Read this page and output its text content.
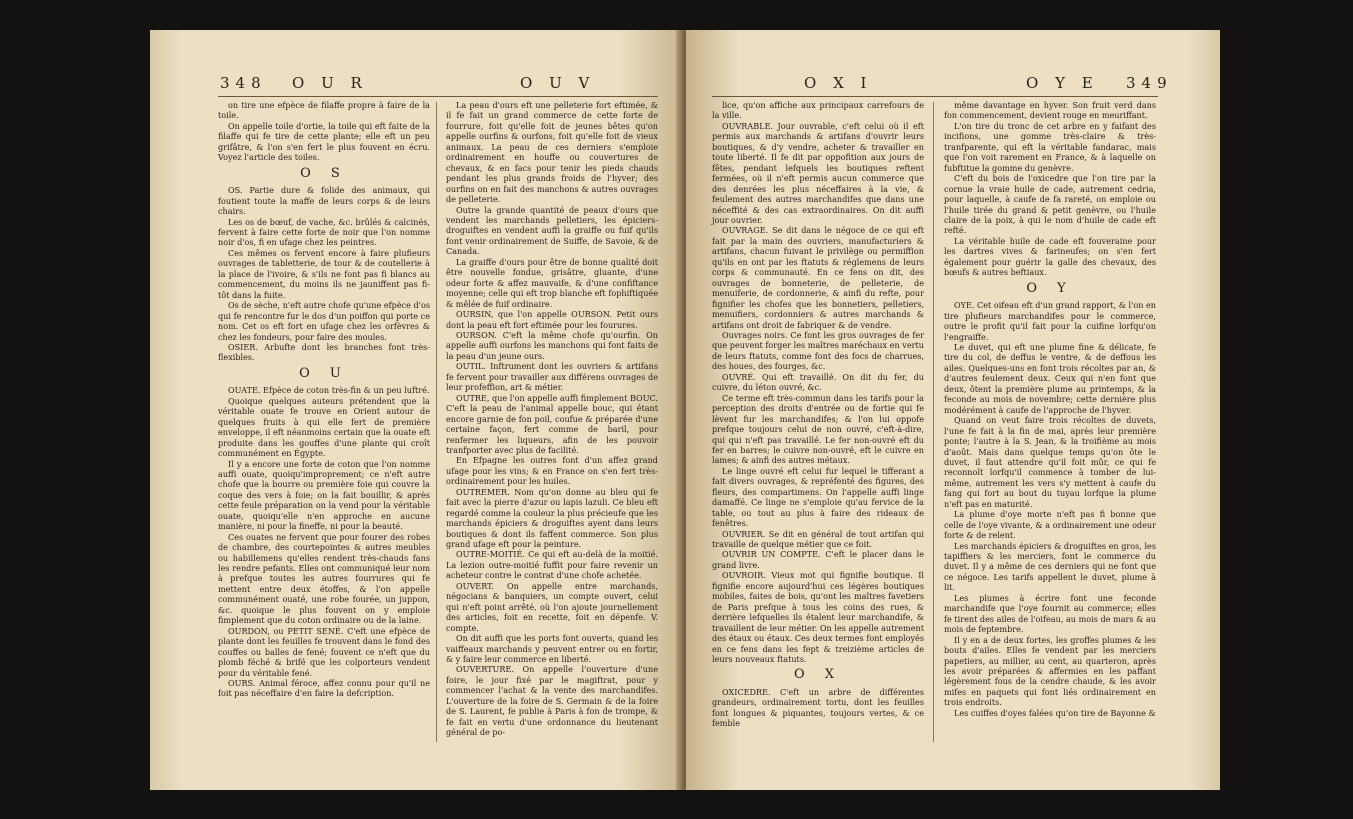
348 O U R	O U V

on tire une efpèce de filaffe propre à faire de la toile.

On appelle toile d'ortie, la toile qui eft faite de la filaffe qui fe tire de cette plante; elle eft un peu grifâtre, & l'on s'en fert le plus fouvent en écru. Voyez l'article des toiles.

O S

OS. Partie dure & folide des animaux, qui foutient toute la maffe de leurs corps & de leurs chairs.

Les os de bœuf, de vache, &c. brûlés & calcinés, fervent à faire cette forte de noir que l'on nomme noir d'os, fi en ufage chez les peintres.

Ces mêmes os fervent encore à faire plufieurs ouvrages de tabletterie, de tour & de coutellerie à la place de l'ivoire, & s'ils ne font pas fi blancs au commencement, du moins ils ne jauniffent pas fi-tôt dans la fuite.

Os de sèche, n'eft autre chofe qu'une efpèce d'os qui fe rencontre fur le dos d'un poiffon qui porte ce nom. Cet os eft fort en ufage chez les orfèvres & chez les fondeurs, pour faire des moules.

OSIER. Arbufte dont les branches font très-flexibles.

O U

OUATE. Efpèce de coton très-fin & un peu luftré.

Quoique quelques auteurs prétendent que la véritable ouate fe trouve en Orient autour de quelques fruits à qui elle fert de première enveloppe, il eft néanmoins certain que la ouate eft produite dans les gouffes d'une plante qui croît communément en Égypte.

Il y a encore une forte de coton que l'on nomme auffi ouate, quoiqu'improprement; ce n'eft autre chofe que la bourre ou première foie qui couvre la coque des vers à foie; on la fait bouillir, & après cette feule préparation on la vend pour la véritable ouate, quoiqu'elle n'en approche en aucune manière, ni pour la fineffe, ni pour la beauté.

Ces ouates ne fervent que pour fourer des robes de chambre, des courtepointes & autres meubles ou habillemens qu'elles rendent très-chauds fans les rendre pefants. Elles ont communiqué leur nom à prefque toutes les autres fourrures qui fe mettent entre deux étoffes, & l'on appelle communément ouaté, une robe fourée, un juppon, &c. quoique le plus fouvent on y emploie fimplement que du coton ordinaire ou de la laine.

OURDON, ou PETIT SENÉ. C'eft une efpèce de plante dont les feuilles fe trouvent dans le fond des couffes ou balles de fené; fouvent ce n'eft que du plomb féché & brifé que les colporteurs vendent pour du véritable fené.

OURS. Animal féroce, affez connu pour qu'il ne foit pas néceffaire d'en faire la defcription.

La peau d'ours eft une pelleterie fort eftimée, & il fe fait un grand commerce de cette forte de fourrure, foit qu'elle foit de jeunes bêtes qu'on appelle ourfins & ourfons, foit qu'elle foit de vieux animaux. La peau de ces derniers s'emploie ordinairement en houffe ou couvertures de chevaux, & en facs pour tenir les pieds chauds pendant les plus grands froids de l'hyver; des ourfins on en fait des manchons & autres ouvrages de pelleterie.

Outre la grande quantité de peaux d'ours que vendent les marchands pelletiers, les épiciers-droguiftes en vendent auffi la graiffe ou fuif qu'ils font venir ordinairement de Suiffe, de Savoie, & de Canada.

La graiffe d'ours pour être de bonne qualité doit être nouvelle fondue, grisâtre, gluante, d'une odeur forte & affez mauvaife, & d'une confiftance moyenne; celle qui eft trop blanche eft fophiftiquée & mêlée de fuif ordinaire.

OURSIN, que l'on appelle OURSON. Petit ours dont la peau eft fort eftimée pour les fourures.

OURSON. C'eft la même chofe qu'ourfin. On appelle auffi ourfons les manchons qui font faits de la peau d'un jeune ours.

OUTIL. Inftrument dont les ouvriers & artifans fe fervent pour travailler aux différens ouvrages de leur profeffion, art & métier.

OUTRE, que l'on appelle auffi fimplement BOUC. C'eft la peau de l'animal appelle bouc, qui étant encore garnie de fon poil, coufue & préparée d'une certaine façon, fert comme de baril, pour renfermer les liqueurs, afin de les pouvoir tranfporter avec plus de facilité.

En Efpagne les outres font d'un affez grand ufage pour les vins; & en France on s'en fert très-ordinairement pour les huiles.

OUTREMER. Nom qu'on donne au bleu qui fe fait avec la pierre d'azur ou lapis lazuli. Ce bleu eft regardé comme la couleur la plus précieufe que les marchands épiciers & droguiftes ayent dans leurs boutiques & dont ils faffent commerce. Son plus grand ufage eft pour la peinture.

OUTRE-MOITIÉ. Ce qui eft au-delà de la moitié. La lezion outre-moitié fuffit pour faire revenir un acheteur contre le contrat d'une chofe achetée.

OUVERT. On appelle entre marchands, négocians & banquiers, un compte ouvert, celui qui n'eft point arrêté, où l'on ajoute journellement des articles, foit en recette, foit en dépenfe. V. compte.

On dit auffi que les ports font ouverts, quand les vaiffeaux marchands y peuvent entrer ou en fortir, & y faire leur commerce en liberté.

OUVERTURE. On appelle l'ouverture d'une foire, le jour fixé par le magiftrat, pour y commencer l'achat & la vente des marchandifes. L'ouverture de la foire de S. Germain & de la foire de S. Laurent, fe publie à Paris à fon de trompe, & fe fait en vertu d'une ordonnance du lieutenant général de po-

O X I	O Y E 349

lice, qu'on affiche aux principaux carrefours de la ville.

OUVRABLE. Jour ouvrable, c'eft celui où il eft permis aux marchands & artifans d'ouvrir leurs boutiques, & d'y vendre, acheter & travailler en toute liberté. Il fe dit par oppofition aux jours de fêtes, pendant lefquels les boutiques reftent fermées, où il n'eft permis aucun commerce que des denrées les plus néceffaires à la vie, & feulement des autres marchandifes que dans une néceffité & des cas extraordinaires. On dit auffi jour ouvrier.

OUVRAGE. Se dit dans le négoce de ce qui eft fait par la main des ouvriers, manufacturiers & artifans, chacun fuivant le privilège ou permiffion qu'ils en ont par les ftatuts & réglemens de leurs corps & communauté. En ce fens on dit, des ouvrages de bonneterie, de pelleterie, de menuiferie, de cordonnerie, & ainfi du refte, pour fignifier les chofes que les bonnetiers, pelletiers, menuifiers, cordonniers & autres marchands & artifans ont droit de fabriquer & de vendre.

Ouvrages noirs. Ce font les gros ouvrages de fer que peuvent forger les maîtres maréchaux en vertu de leurs ftatuts, comme font des focs de charrues, des houes, des fourges, &c.

OUVRÉ. Qui eft travaillé. On dit du fer, du cuivre, du léton ouvré, &c.

Ce terme eft très-commun dans les tarifs pour la perception des droits d'entrée ou de fortie qui fe lèvent fur les marchandifes; & l'on lui oppofe prefque toujours celui de non ouvré, c'eft-à-dire, qui qui n'eft pas travaillé. Le fer non-ouvré eft du fer en barres; le cuivre non-ouvré, eft le cuivre en lames; & ainfi des autres métaux.

Le linge ouvré eft celui fur lequel le tifferant a fait divers ouvrages, & repréfenté des figures, des fleurs, des compartimens. On l'appelle auffi linge damaffé. Ce linge ne s'emploie qu'au fervice de la table, ou tout au plus à faire des rideaux de fenêtres.

OUVRIER. Se dit en général de tout artifan qui travaille de quelque métier que ce foit.

OUVRIR UN COMPTE. C'eft le placer dans le grand livre.

OUVROIR. Vieux mot qui fignifie boutique. Il fignifie encore aujourd'hui ces légères boutiques mobiles, faites de bois, qu'ont les maîtres favetiers de Paris prefque à tous les coins des rues, & derrière lefquelles ils étalent leur marchandife, & travaillent de leur métier. On les appelle autrement des étaux ou étaux. Ces deux termes font employés en ce fens dans les fept & treizième articles de leurs nouveaux ftatuts.

O X

OXICEDRE. C'eft un arbre de différentes grandeurs, ordinairement tortu, dont les feuilles font longues & piquantes, toujours vertes, & ce femble

même davantage en hyver. Son fruit verd dans fon commencement, devient rouge en meuriffant.

L'on tire du tronc de cet arbre en y faifant des incifions, une gomme très-claire & très-tranfparente, qui eft la véritable fandarac, mais que l'on voit rarement en France, & à laquelle on fubftitue la gomme du genèvre.

C'eft du bois de l'oxicedre que l'on tire par la cornue la vraie huile de cade, autrement cedria, pour laquelle, à caufe de fa rareté, on emploie ou l'huile tirée du grand & petit genèvre, ou l'huile claire de la poix, à qui le nom d'huile de cade eft refté.

La véritable huile de cade eft fouveraine pour les dartres vives & farineufes; on s'en fert également pour guérir la galle des chevaux, des bœufs & autres beftiaux.

O Y

OYE. Cet oifeau eft d'un grand rapport, & l'on en tire plufieurs marchandifes pour le commerce, outre le profit qu'il fait pour la cuifine lorfqu'on l'engraiffe.

Le duvet, qui eft une plume fine & délicate, fe tire du col, de deffus le ventre, & de deffous les ailes. Quelques-uns en font trois récoltes par an, & d'autres feulement deux. Ceux qui n'en font que deux, ôtent la première plume au printemps, & la feconde au mois de novembre; cette dernière plus modérément à caufe de l'approche de l'hyver.

Quand on veut faire trois récoltes de duvets, l'une fe fait à la fin de mai, après leur première ponte; l'autre à la S. Jean, & la troifième au mois d'août. Mais dans quelque temps qu'on ôte le duvet, il faut attendre qu'il foit mûr, ce qui fe reconnoît lorfqu'il commence à tomber de lui-même, autrement les vers s'y mettent à caufe du fang qui fort au bout du tuyau lorfque la plume n'eft pas en maturité.

La plume d'oye morte n'eft pas fi bonne que celle de l'oye vivante, & a ordinairement une odeur forte & de relent.

Les marchands épiciers & droguiftes en gros, les tapiffiers & les merciers, font le commerce du duvet. Il y a même de ces derniers qui ne font que ce négoce. Les tarifs appellent le duvet, plume à lit.

Les plumes à écrire font une feconde marchandife que l'oye fournit au commerce; elles fe tirent des ailes de l'oifeau, au mois de mars & au mois de feptembre.

Il y en a de deux fortes, les groffes plumes & les bouts d'ailes. Elles fe vendent par les merciers papetiers, au millier, au cent, au quarteron, après les avoir préparées & affermies en les paffant légèrement fous de la cendre chaude, & les avoir mifes en paquets qui font liés ordinairement en trois endroits.

Les cuiffes d'oyes falées qu'on tire de Bayonne &
